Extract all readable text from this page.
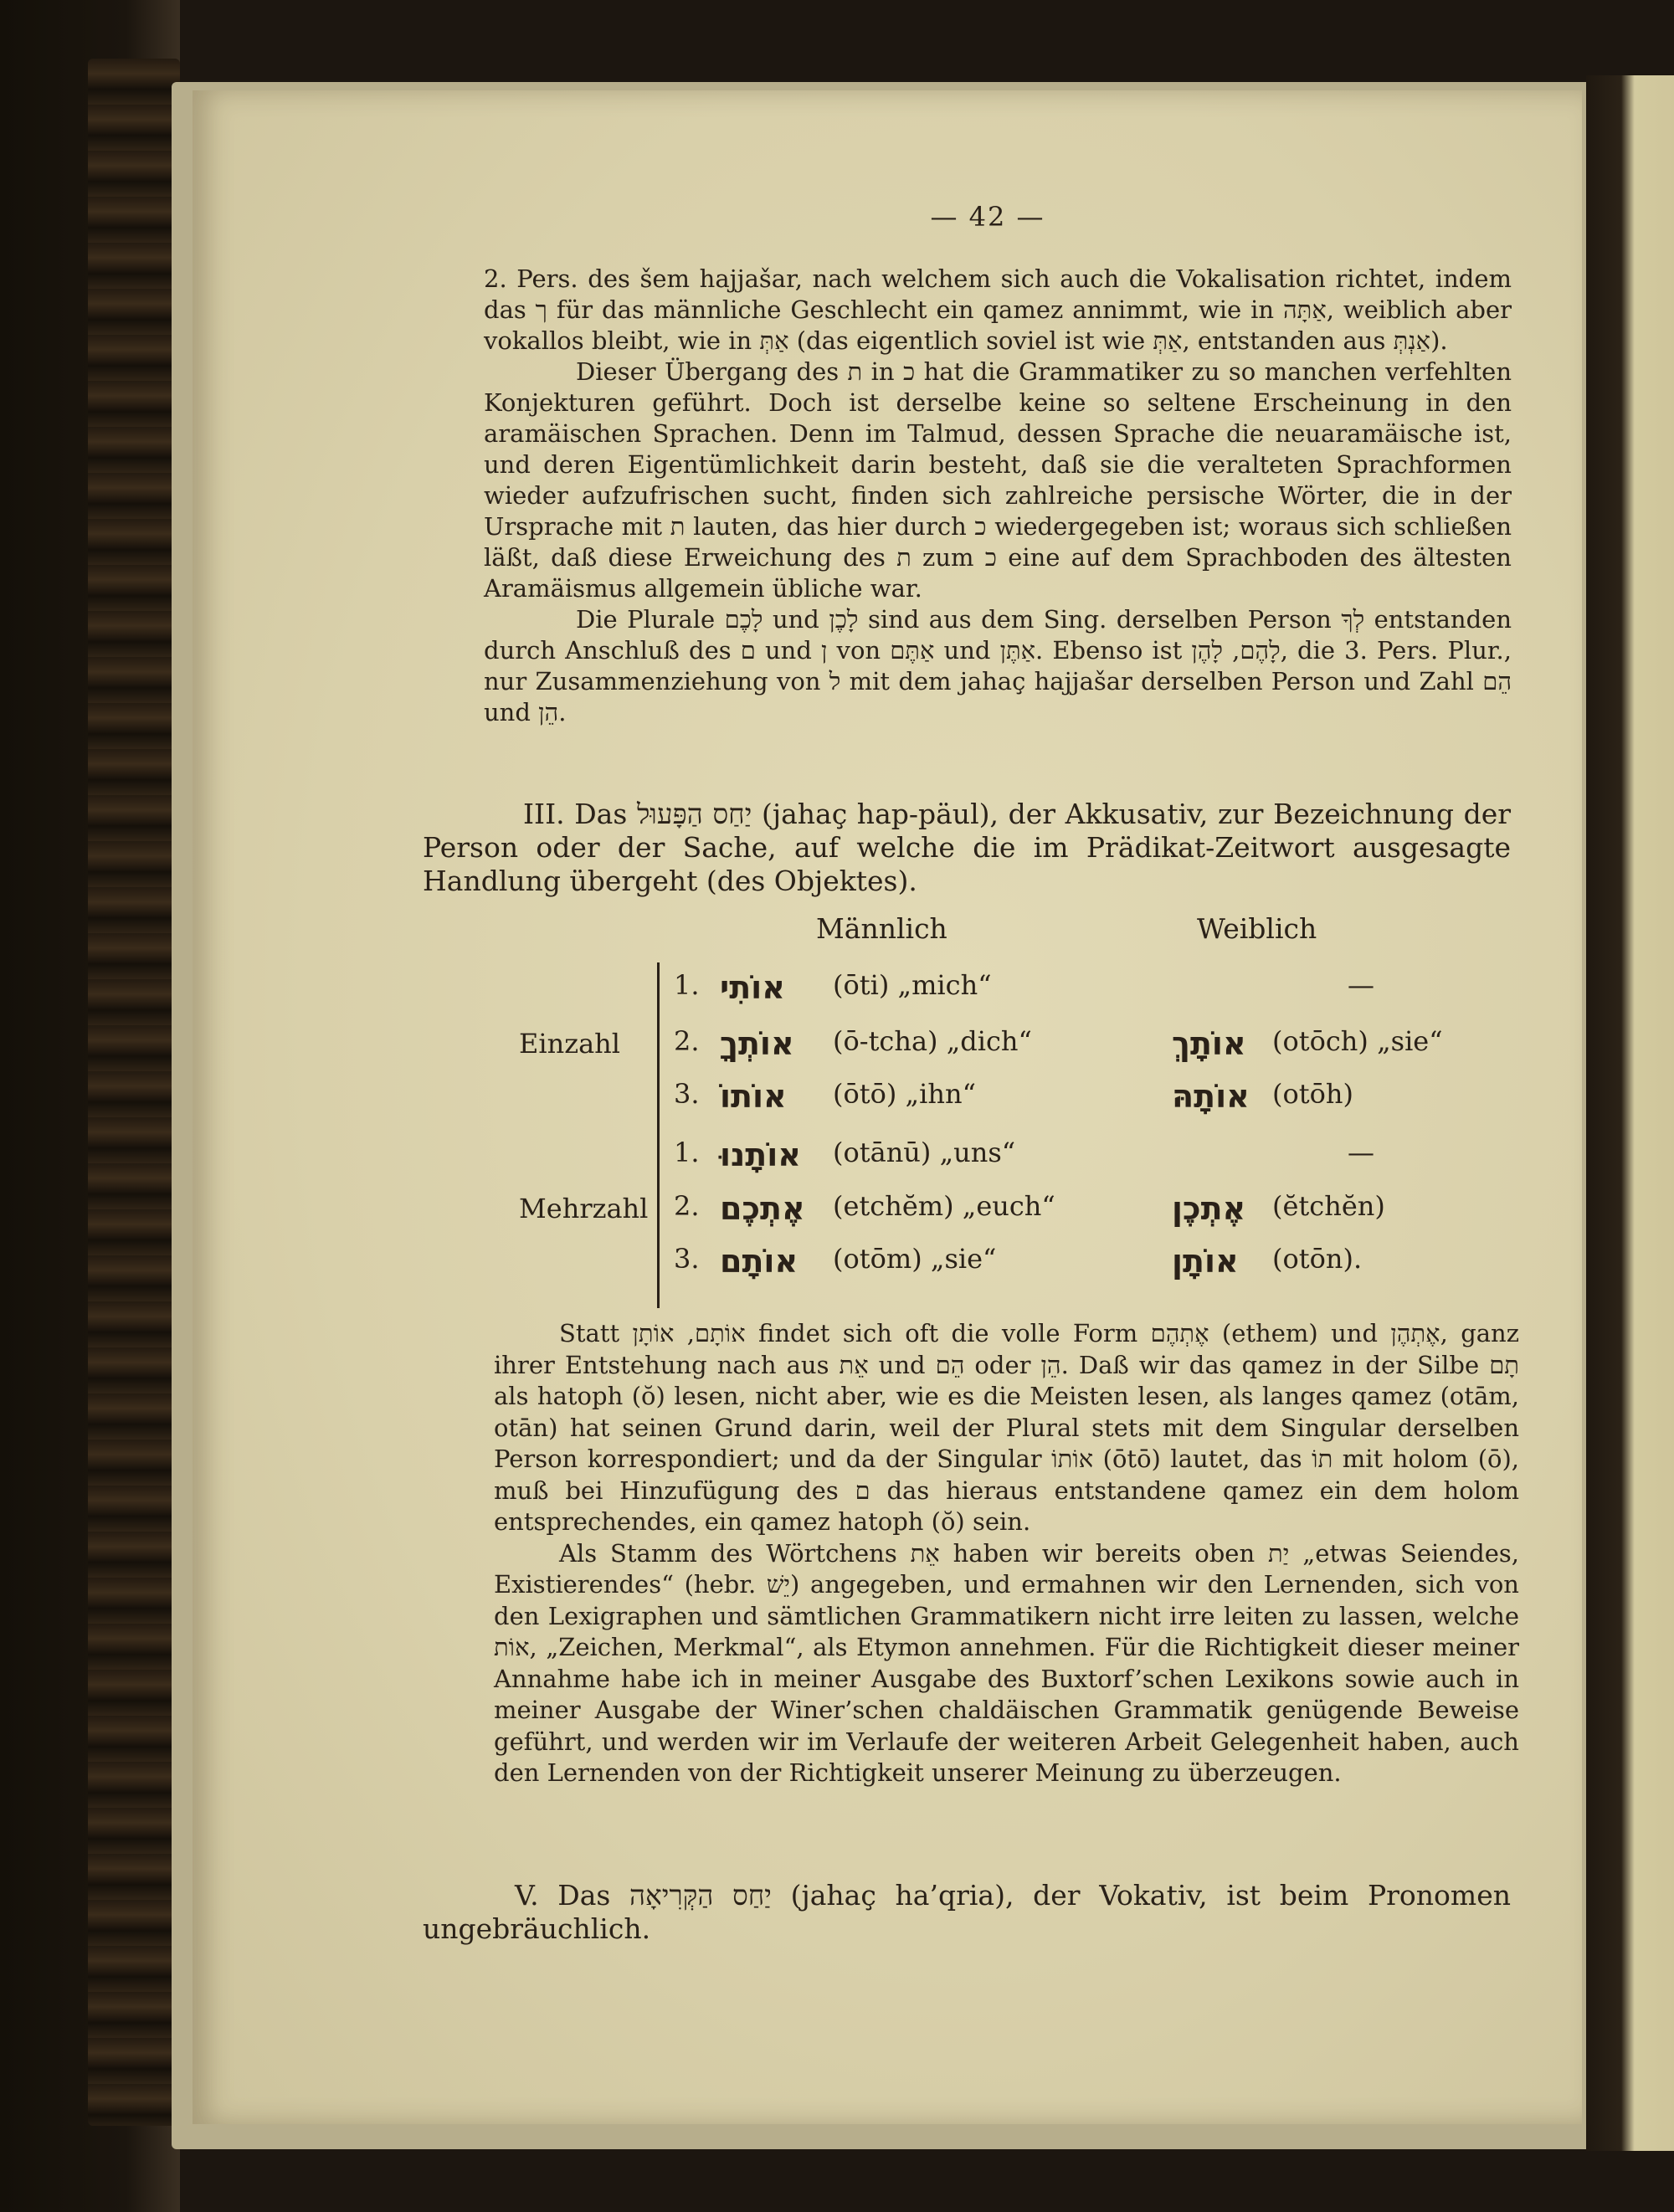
— 42 —

2. Pers. des šem hajjašar, nach welchem sich auch die Vokalisation richtet, indem das ך für das männliche Geschlecht ein qamez annimmt, wie in אַתָּה, weiblich aber vokallos bleibt, wie in אַתְּ (das eigentlich soviel ist wie אַתְּ, entstanden aus אַנְתְּ).

Dieser Übergang des ת in כ hat die Grammatiker zu so manchen verfehlten Konjekturen geführt. Doch ist derselbe keine so seltene Erscheinung in den aramäischen Sprachen. Denn im Talmud, dessen Sprache die neuaramäische ist, und deren Eigentümlichkeit darin besteht, daß sie die veralteten Sprachformen wieder aufzufrischen sucht, finden sich zahlreiche persische Wörter, die in der Ursprache mit ת lauten, das hier durch כ wiedergegeben ist; woraus sich schließen läßt, daß diese Erweichung des ת zum כ eine auf dem Sprachboden des ältesten Aramäismus allgemein übliche war.

Die Plurale לָכֶם und לָכֶן sind aus dem Sing. derselben Person לְךָ entstanden durch Anschluß des ם und ן von אַתֶּם und אַתֶּן. Ebenso ist לָהֶם, לָהֶן, die 3. Pers. Plur., nur Zusammenziehung von ל mit dem jahaç hajjašar derselben Person und Zahl הֵם und הֵן.

III. Das יַחַס הַפָּעוּל (jahaç hap-päul), der Akkusativ, zur Bezeichnung der Person oder der Sache, auf welche die im Prädikat-Zeitwort ausgesagte Handlung übergeht (des Objektes).

Männlich	Weiblich
Einzahl
1. אוֹתִי (ōti) „mich“	—
2. אוֹתְךָ (ō-tcha) „dich“	אוֹתָךְ (otōch) „sie“
3. אוֹתוֹ (ōtō) „ihn“	אוֹתָהּ (otōh)
Mehrzahl
1. אוֹתָנוּ (otānū) „uns“	—
2. אֶתְכֶם (etchĕm) „euch“	אֶתְכֶן (ĕtchĕn)
3. אוֹתָם (otōm) „sie“	אוֹתָן (otōn).

Statt אוֹתָם, אוֹתָן findet sich oft die volle Form אֶתְהֶם (ethem) und אֶתְהֶן, ganz ihrer Entstehung nach aus אֵת und הֵם oder הֵן. Daß wir das qamez in der Silbe תָם als hatoph (ŏ) lesen, nicht aber, wie es die Meisten lesen, als langes qamez (otām, otān) hat seinen Grund darin, weil der Plural stets mit dem Singular derselben Person korrespondiert; und da der Singular אוֹתוֹ (ōtō) lautet, das תוֹ mit holom (ō), muß bei Hinzufügung des ם das hieraus entstandene qamez ein dem holom entsprechendes, ein qamez hatoph (ŏ) sein.

Als Stamm des Wörtchens אֵת haben wir bereits oben יַת „etwas Seiendes, Existierendes“ (hebr. יֵשׁ) angegeben, und ermahnen wir den Lernenden, sich von den Lexigraphen und sämtlichen Grammatikern nicht irre leiten zu lassen, welche אוֹת, „Zeichen, Merkmal“, als Etymon annehmen. Für die Richtigkeit dieser meiner Annahme habe ich in meiner Ausgabe des Buxtorf’schen Lexikons sowie auch in meiner Ausgabe der Winer’schen chaldäischen Grammatik genügende Beweise geführt, und werden wir im Verlaufe der weiteren Arbeit Gelegenheit haben, auch den Lernenden von der Richtigkeit unserer Meinung zu überzeugen.

V. Das יַחַס הַקְּרִיאָה (jahaç ha’qria), der Vokativ, ist beim Pronomen ungebräuchlich.
